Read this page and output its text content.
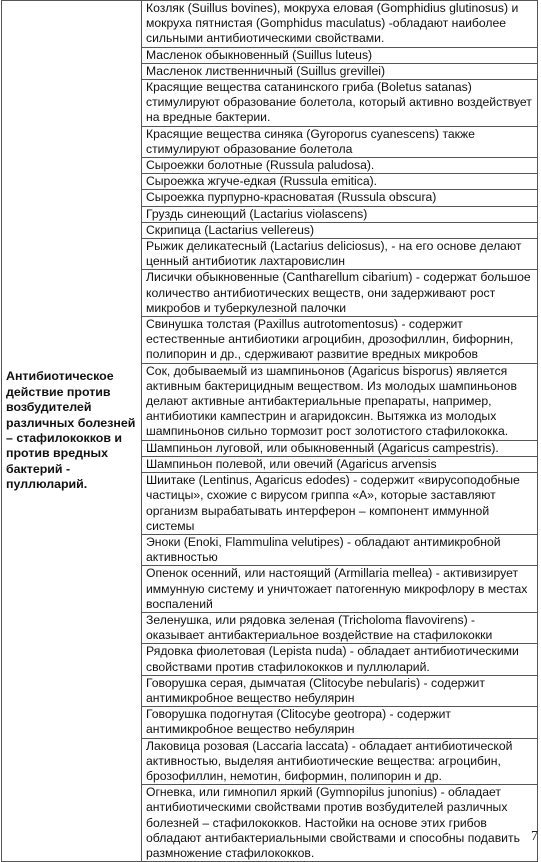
Антибиотическое действие против возбудителей различных болезней – стафилококков и против вредных бактерий - пуллюларий.	Козляк (Suillus bovines), мокруха еловая (Gomphidius glutinosus) и мокруха пятнистая (Gomphidus maculatus) -обладают наиболее сильными антибиотическими свойствами.
Масленок обыкновенный (Suillus luteus)
Масленок лиственничный (Suillus grevillei)
Красящие вещества сатанинского гриба (Boletus satanas) стимулируют образование болетола, который активно воздействует на вредные бактерии.
Красящие вещества синяка (Gyroporus cyanescens) также стимулируют образование болетола
Сыроежки болотные (Russula paludosa).
Сыроежка жгуче-едкая (Russula emitica).
Сыроежка пурпурно-красноватая (Russula obscura)
Груздь синеющий (Lactarius violascens)
Скрипица (Lactarius vellereus)
Рыжик деликатесный (Lactarius deliciosus), - на его основе делают ценный антибиотик лахтаровислин
Лисички обыкновенные (Cantharellum cibarium) - содержат большое количество антибиотических веществ, они задерживают рост микробов и туберкулезной палочки
Свинушка толстая (Paxillus autrotomentosus) - содержит естественные антибиотики агроцибин, дрозофиллин, бифорнин, полипорин и др., сдерживают развитие вредных микробов
Сок, добываемый из шампиньонов (Agaricus bisporus) является активным бактерицидным веществом. Из молодых шампиньонов делают активные антибактериальные препараты, например, антибиотики кампестрин и агаридоксин. Вытяжка из молодых шампиньонов сильно тормозит рост золотистого стафилококка.
Шампиньон луговой, или обыкновенный (Agaricus campestris).
Шампиньон полевой, или овечий (Agaricus arvensis
Шиитаке (Lentinus, Agaricus edodes) - содержит «вирусоподобные частицы», схожие с вирусом гриппа «А», которые заставляют организм вырабатывать интерферон – компонент иммунной системы
Эноки (Enoki, Flammulina velutipes) - обладают антимикробной активностью
Опенок осенний, или настоящий (Armillaria mellea) - активизирует иммунную систему и уничтожает патогенную микрофлору в местах воспалений
Зеленушка, или рядовка зеленая (Tricholoma flavovirens) - оказывает антибактериальное воздействие на стафилококки
Рядовка фиолетовая (Lepista nuda) - обладает антибиотическими свойствами против стафилококков и пуллюларий.
Говорушка серая, дымчатая (Clitocybe nebularis) - содержит антимикробное вещество небулярин
Говорушка подогнутая (Clitocybe geotropa) - содержит антимикробное вещество небулярин
Лаковица розовая (Laccaria laccata) - обладает антибиотической активностью, выделяя антибиотические вещества: агроцибин, брозофиллин, немотин, биформин, полипорин и др.
Огневка, или гимнопил яркий (Gymnopilus junonius) - обладает антибиотическими свойствами против возбудителей различных болезней – стафилококков. Настойки на основе этих грибов обладают антибактериальными свойствами и способны подавить размножение стафилококков.
7
